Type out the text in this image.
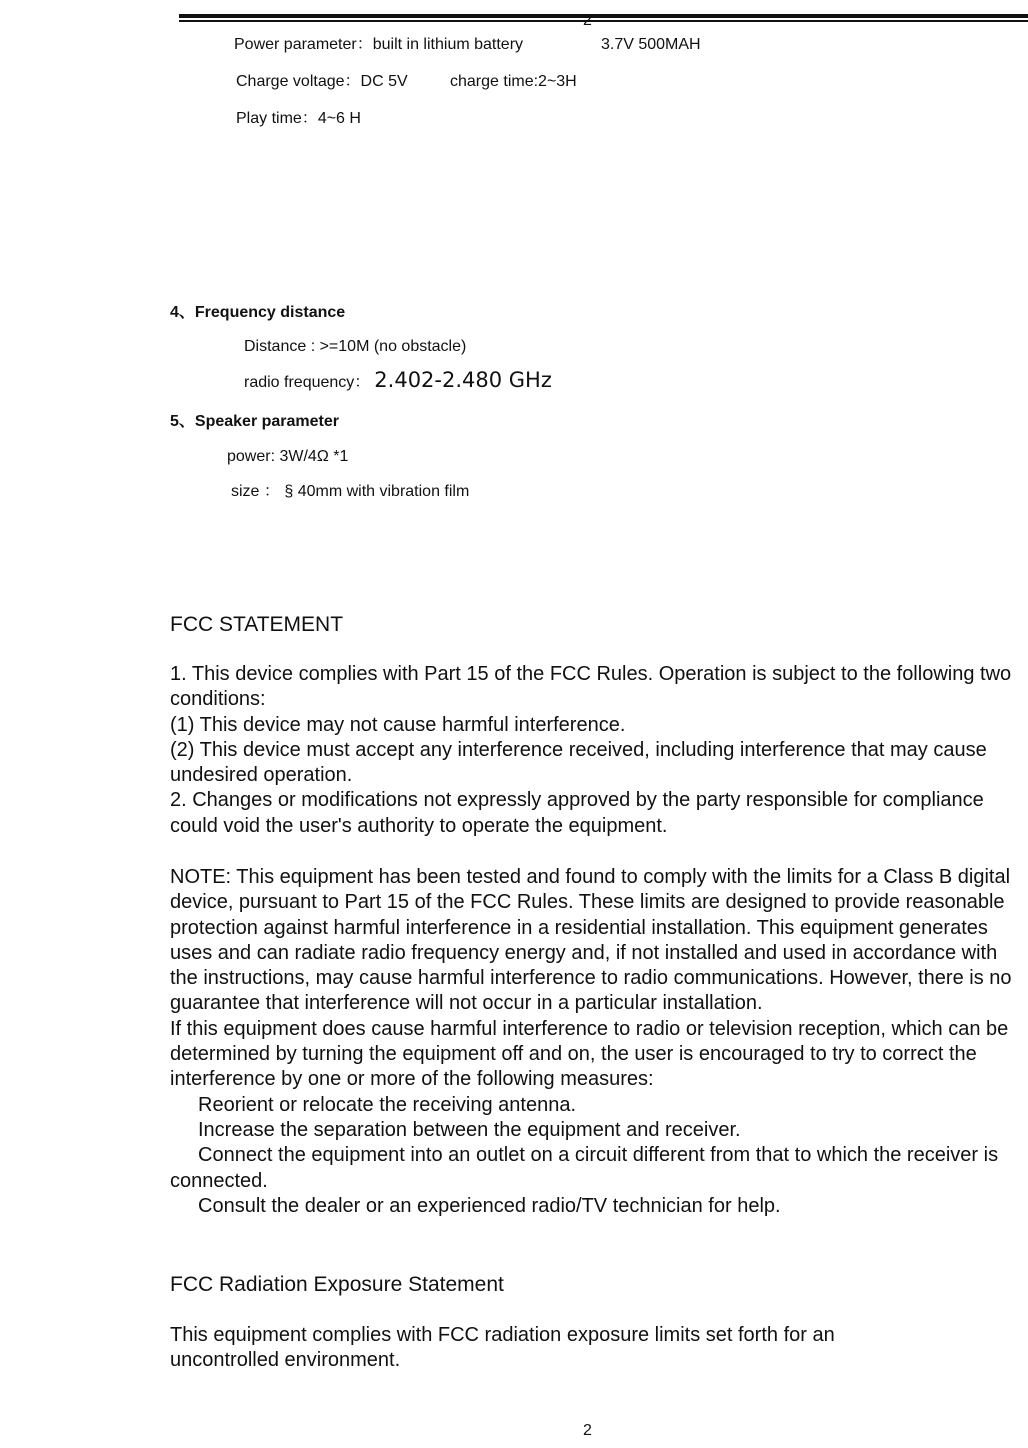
2
Power parameter：built in lithium battery	3.7V 500MAH
Charge voltage：DC 5V	charge time:2~3H
Play time：4~6 H
4、Frequency distance
Distance : >=10M (no obstacle)
radio frequency： 2.402-2.480 GHz
5、Speaker parameter
power: 3W/4Ω *1
size ： § 40mm with vibration film
FCC STATEMENT

1. This device complies with Part 15 of the FCC Rules. Operation is subject to the following two conditions:

(1) This device may not cause harmful interference.

(2) This device must accept any interference received, including interference that may cause undesired operation.

2. Changes or modifications not expressly approved by the party responsible for compliance could void the user's authority to operate the equipment.

NOTE: This equipment has been tested and found to comply with the limits for a Class B digital device, pursuant to Part 15 of the FCC Rules. These limits are designed to provide reasonable protection against harmful interference in a residential installation. This equipment generates uses and can radiate radio frequency energy and, if not installed and used in accordance with the instructions, may cause harmful interference to radio communications. However, there is no guarantee that interference will not occur in a particular installation.

If this equipment does cause harmful interference to radio or television reception, which can be determined by turning the equipment off and on, the user is encouraged to try to correct the interference by one or more of the following measures:

Reorient or relocate the receiving antenna.

Increase the separation between the equipment and receiver.

Connect the equipment into an outlet on a circuit different from that to which the receiver is connected.

Consult the dealer or an experienced radio/TV technician for help.

FCC Radiation Exposure Statement

This equipment complies with FCC radiation exposure limits set forth for an uncontrolled environment.

2
